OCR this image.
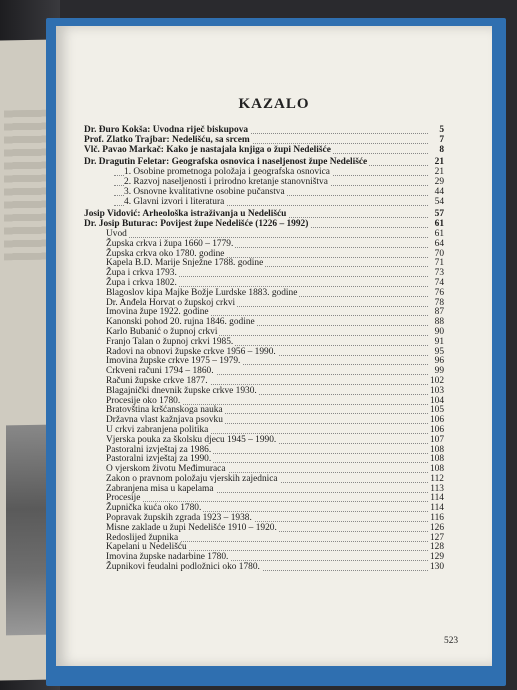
KAZALO
Dr. Đuro Kokša: Uvodna riječ biskupova	5
Prof. Zlatko Trajbar: Nedelišću, sa srcem	7
Vlč. Pavao Markač: Kako je nastajala knjiga o župi Nedelišće	8
Dr. Dragutin Feletar: Geografska osnovica i naseljenost župe Nedelišće	21
1. Osobine prometnoga položaja i geografska osnovica	21
2. Razvoj naseljenosti i prirodno kretanje stanovništva	29
3. Osnovne kvalitativne osobine pučanstva	44
4. Glavni izvori i literatura	54
Josip Vidović: Arheološka istraživanja u Nedelišću	57
Dr. Josip Buturac: Povijest župe Nedelišće (1226 – 1992)	61
Uvod	61
Župska crkva i župa 1660 – 1779.	64
Župska crkva oko 1780. godine	70
Kapela B.D. Marije Snježne 1788. godine	71
Župa i crkva 1793.	73
Župa i crkva 1802.	74
Blagoslov kipa Majke Božje Lurdske 1883. godine	76
Dr. Anđela Horvat o župskoj crkvi	78
Imovina župe 1922. godine	87
Kanonski pohod 20. rujna 1846. godine	88
Karlo Bubanić o župnoj crkvi	90
Franjo Talan o župnoj crkvi 1985.	91
Radovi na obnovi župske crkve 1956 – 1990.	95
Imovina župske crkve 1975 – 1979.	96
Crkveni računi 1794 – 1860.	99
Računi župske crkve 1877.	102
Blagajnički dnevnik župske crkve 1930.	103
Procesije oko 1780.	104
Bratovština kršćanskoga nauka	105
Državna vlast kažnjava psovku	106
U crkvi zabranjena politika	106
Vjerska pouka za školsku djecu 1945 – 1990.	107
Pastoralni izvještaj za 1986.	108
Pastoralni izvještaj za 1990.	108
O vjerskom životu Međimuraca	108
Zakon o pravnom položaju vjerskih zajednica	112
Zabranjena misa u kapelama	113
Procesije	114
Župnička kuća oko 1780.	114
Popravak župskih zgrada 1923 – 1938.	116
Misne zaklade u župi Nedelišće 1910 – 1920.	126
Redoslijed župnika	127
Kapelani u Nedelišću	128
Imovina župske nadarbine 1780.	129
Župnikovi feudalni podložnici oko 1780.	130
523
